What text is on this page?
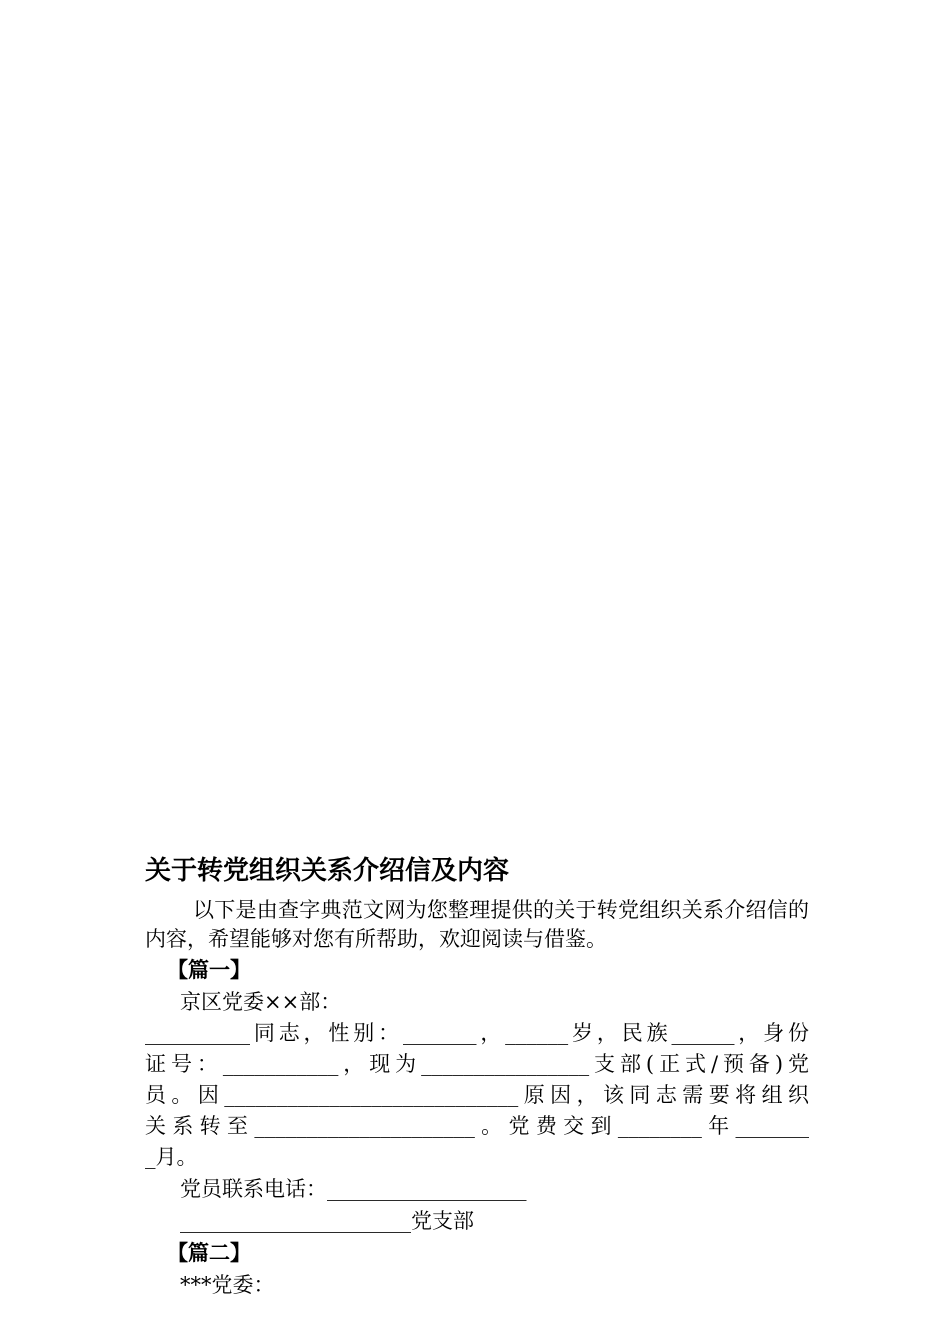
关于转党组织关系介绍信及内容

以下是由查字典范文网为您整理提供的关于转党组织关系介绍信的内容，希望能够对您有所帮助，欢迎阅读与借鉴。

【篇一】
京区党委××部：
__________同志，性别：_______，______岁，民族______，身份
证号：___________，现为________________支部(正式/预备)党
员。因____________________________原因，该同志需要将组织
关系转至_____________________。党费交到________年_______
_月。
党员联系电话：___________________
______________________党支部
【篇二】
***党委：
